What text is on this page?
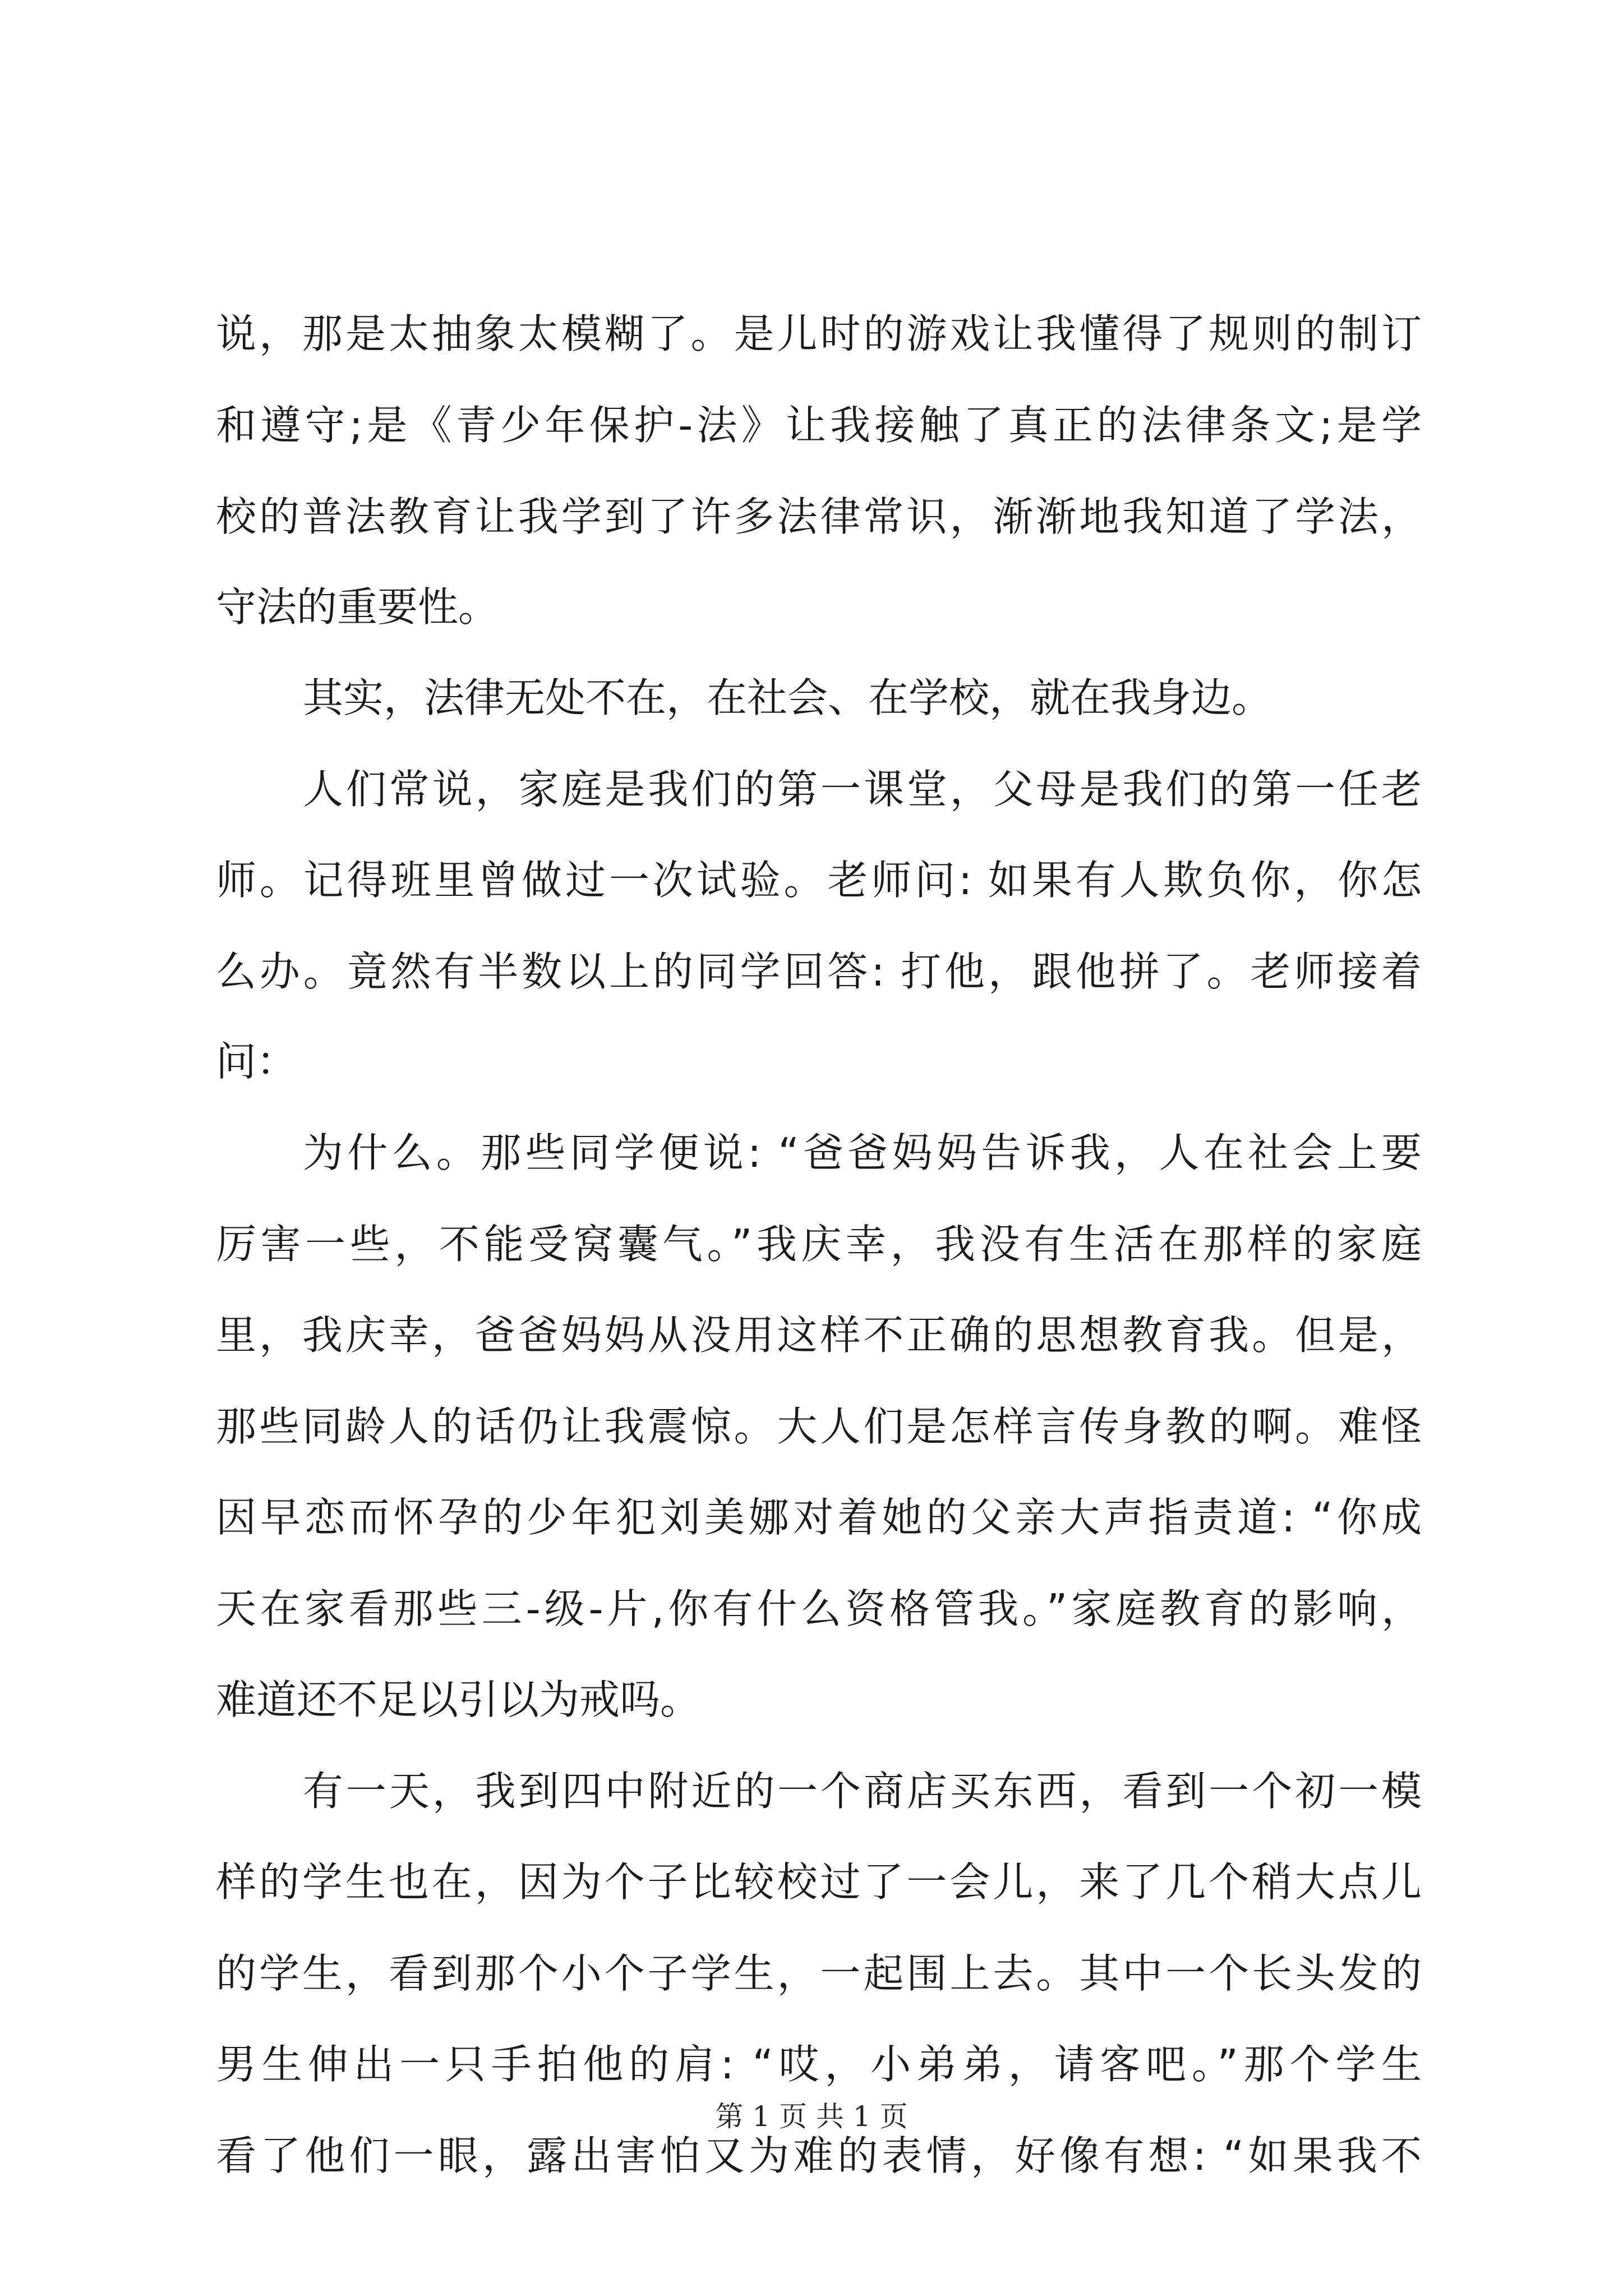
说，那是太抽象太模糊了。是儿时的游戏让我懂得了规则的制订
和遵守;是《青少年保护-法》让我接触了真正的法律条文;是学
校的普法教育让我学到了许多法律常识，渐渐地我知道了学法，
守法的重要性。
其实，法律无处不在，在社会、在学校，就在我身边。
人们常说，家庭是我们的第一课堂，父母是我们的第一任老
师。记得班里曾做过一次试验。老师问: 如果有人欺负你，你怎
么办。竟然有半数以上的同学回答: 打他，跟他拼了。老师接着
问：
为什么。那些同学便说: “爸爸妈妈告诉我，人在社会上要
厉害一些，不能受窝囊气。”我庆幸，我没有生活在那样的家庭
里，我庆幸，爸爸妈妈从没用这样不正确的思想教育我。但是，
那些同龄人的话仍让我震惊。大人们是怎样言传身教的啊。难怪
因早恋而怀孕的少年犯刘美娜对着她的父亲大声指责道: “你成
天在家看那些三-级-片,你有什么资格管我。”家庭教育的影响，
难道还不足以引以为戒吗。
有一天，我到四中附近的一个商店买东西，看到一个初一模
样的学生也在，因为个子比较校过了一会儿，来了几个稍大点儿
的学生，看到那个小个子学生，一起围上去。其中一个长头发的
男生伸出一只手拍他的肩: “哎，小弟弟，请客吧。”那个学生
看了他们一眼，露出害怕又为难的表情，好像有想: “如果我不
第 1 页 共 1 页
